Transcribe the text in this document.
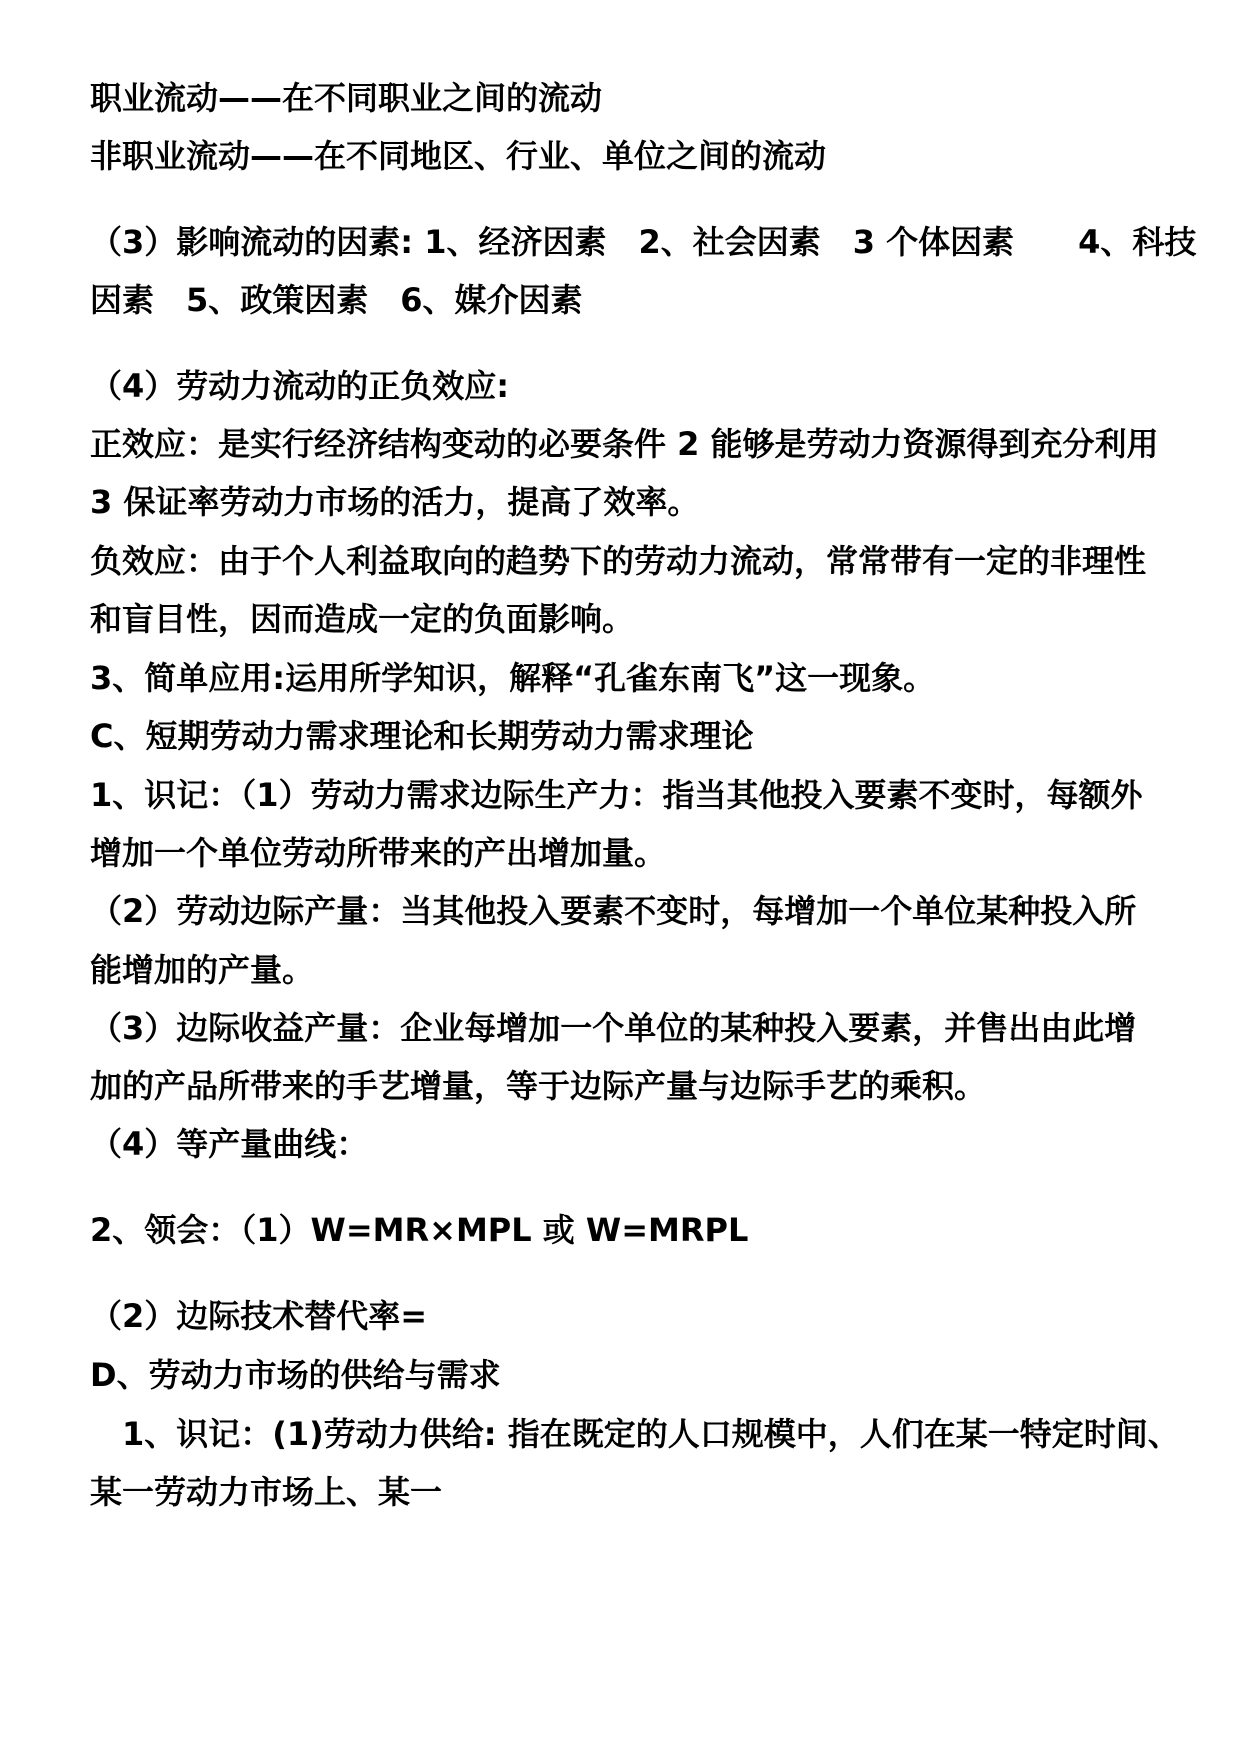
职业流动——在不同职业之间的流动
非职业流动——在不同地区、行业、单位之间的流动
（3）影响流动的因素: 1、经济因素　2、社会因素　3 个体因素　　4、科技
因素　5、政策因素　6、媒介因素
（4）劳动力流动的正负效应:
正效应：是实行经济结构变动的必要条件 2 能够是劳动力资源得到充分利用
3 保证率劳动力市场的活力，提高了效率。
负效应：由于个人利益取向的趋势下的劳动力流动，常常带有一定的非理性
和盲目性，因而造成一定的负面影响。
3、简单应用:运用所学知识，解释“孔雀东南飞”这一现象。
C、短期劳动力需求理论和长期劳动力需求理论
1、识记：（1）劳动力需求边际生产力：指当其他投入要素不变时，每额外
增加一个单位劳动所带来的产出增加量。
（2）劳动边际产量：当其他投入要素不变时，每增加一个单位某种投入所
能增加的产量。
（3）边际收益产量：企业每增加一个单位的某种投入要素，并售出由此增
加的产品所带来的手艺增量，等于边际产量与边际手艺的乘积。
（4）等产量曲线：
2、领会：（1）W=MR×MPL 或 W=MRPL
（2）边际技术替代率=
D、劳动力市场的供给与需求
1、识记：(1)劳动力供给: 指在既定的人口规模中，人们在某一特定时间、
某一劳动力市场上、某一
